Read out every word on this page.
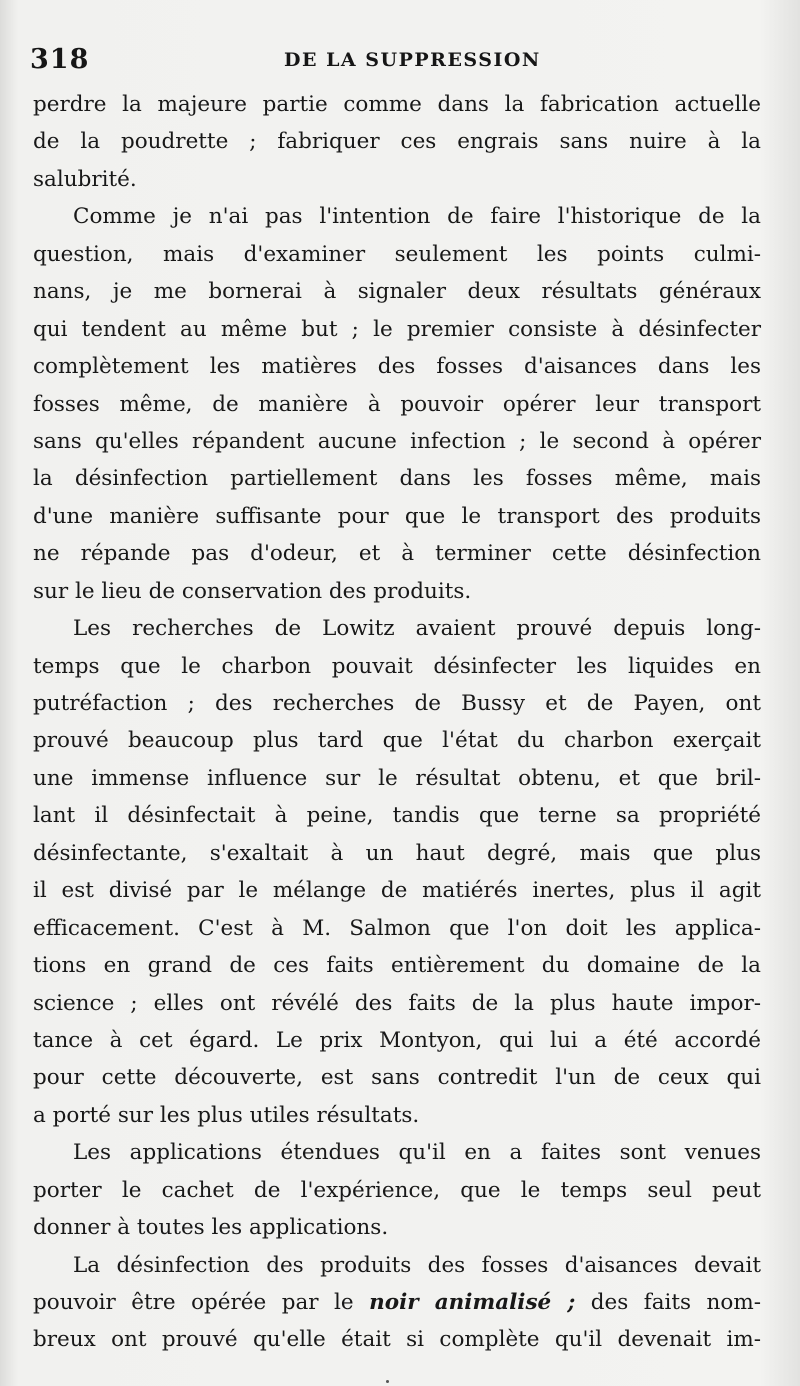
318	DE LA SUPPRESSION
perdre la majeure partie comme dans la fabrication actuelle
de la poudrette ; fabriquer ces engrais sans nuire à la
salubrité.
Comme je n'ai pas l'intention de faire l'historique de la
question, mais d'examiner seulement les points culmi-
nans, je me bornerai à signaler deux résultats généraux
qui tendent au même but ; le premier consiste à désinfecter
complètement les matières des fosses d'aisances dans les
fosses même, de manière à pouvoir opérer leur transport
sans qu'elles répandent aucune infection ; le second à opérer
la désinfection partiellement dans les fosses même, mais
d'une manière suffisante pour que le transport des produits
ne répande pas d'odeur, et à terminer cette désinfection
sur le lieu de conservation des produits.
Les recherches de Lowitz avaient prouvé depuis long-
temps que le charbon pouvait désinfecter les liquides en
putréfaction ; des recherches de Bussy et de Payen, ont
prouvé beaucoup plus tard que l'état du charbon exerçait
une immense influence sur le résultat obtenu, et que bril-
lant il désinfectait à peine, tandis que terne sa propriété
désinfectante, s'exaltait à un haut degré, mais que plus
il est divisé par le mélange de matiérés inertes, plus il agit
efficacement. C'est à M. Salmon que l'on doit les applica-
tions en grand de ces faits entièrement du domaine de la
science ; elles ont révélé des faits de la plus haute impor-
tance à cet égard. Le prix Montyon, qui lui a été accordé
pour cette découverte, est sans contredit l'un de ceux qui
a porté sur les plus utiles résultats.
Les applications étendues qu'il en a faites sont venues
porter le cachet de l'expérience, que le temps seul peut
donner à toutes les applications.
La désinfection des produits des fosses d'aisances devait
pouvoir être opérée par le noir animalisé ; des faits nom-
breux ont prouvé qu'elle était si complète qu'il devenait im-
